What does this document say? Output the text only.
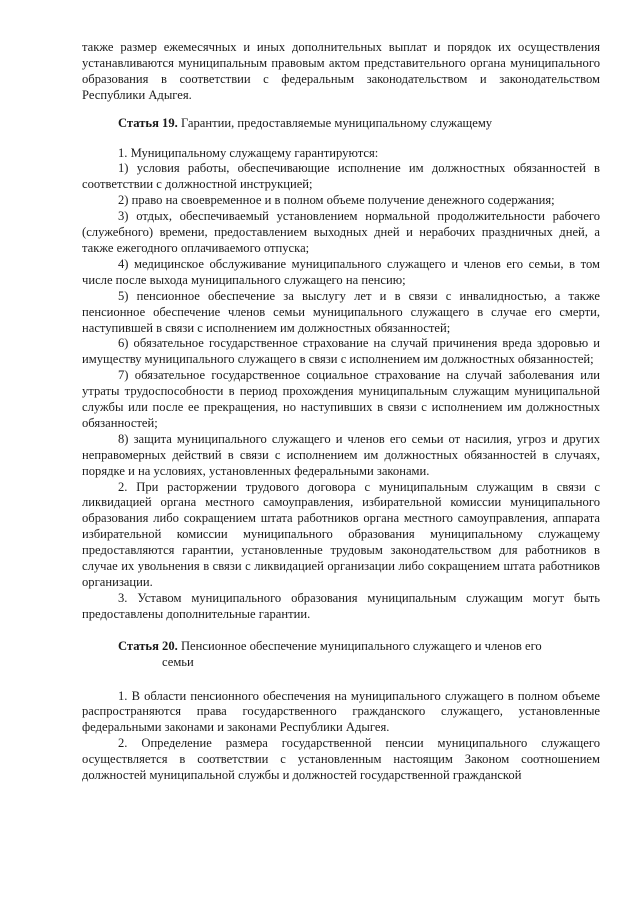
также размер ежемесячных и иных дополнительных выплат и порядок их осуществления устанавливаются муниципальным правовым актом представительного органа муниципального образования в соответствии с федеральным законодательством и законодательством Республики Адыгея.

Статья 19. Гарантии, предоставляемые муниципальному служащему

1. Муниципальному служащему гарантируются:

1) условия работы, обеспечивающие исполнение им должностных обязанностей в соответствии с должностной инструкцией;

2) право на своевременное и в полном объеме получение денежного содержания;

3) отдых, обеспечиваемый установлением нормальной продолжительности рабочего (служебного) времени, предоставлением выходных дней и нерабочих праздничных дней, а также ежегодного оплачиваемого отпуска;

4) медицинское обслуживание муниципального служащего и членов его семьи, в том числе после выхода муниципального служащего на пенсию;

5) пенсионное обеспечение за выслугу лет и в связи с инвалидностью, а также пенсионное обеспечение членов семьи муниципального служащего в случае его смерти, наступившей в связи с исполнением им должностных обязанностей;

6) обязательное государственное страхование на случай причинения вреда здоровью и имуществу муниципального служащего в связи с исполнением им должностных обязанностей;

7) обязательное государственное социальное страхование на случай заболевания или утраты трудоспособности в период прохождения муниципальным служащим муниципальной службы или после ее прекращения, но наступивших в связи с исполнением им должностных обязанностей;

8) защита муниципального служащего и членов его семьи от насилия, угроз и других неправомерных действий в связи с исполнением им должностных обязанностей в случаях, порядке и на условиях, установленных федеральными законами.

2. При расторжении трудового договора с муниципальным служащим в связи с ликвидацией органа местного самоуправления, избирательной комиссии муниципального образования либо сокращением штата работников органа местного самоуправления, аппарата избирательной комиссии муниципального образования муниципальному служащему предоставляются гарантии, установленные трудовым законодательством для работников в случае их увольнения в связи с ликвидацией организации либо сокращением штата работников организации.

3. Уставом муниципального образования муниципальным служащим могут быть предоставлены дополнительные гарантии.

Статья 20. Пенсионное обеспечение муниципального служащего и членов его
семьи

1. В области пенсионного обеспечения на муниципального служащего в полном объеме распространяются права государственного гражданского служащего, установленные федеральными законами и законами Республики Адыгея.

2. Определение размера государственной пенсии муниципального служащего осуществляется в соответствии с установленным настоящим Законом соотношением должностей муниципальной службы и должностей государственной гражданской
